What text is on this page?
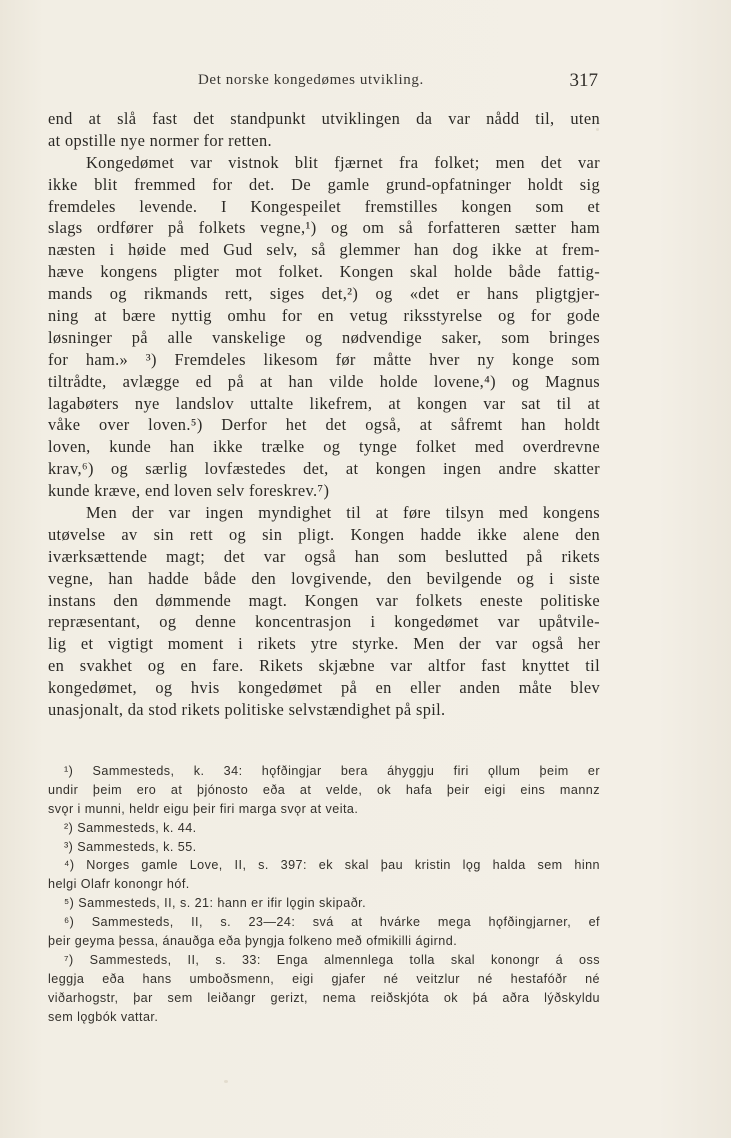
Det norske kongedømes utvikling.	317
end at slå fast det standpunkt utviklingen da var nådd til, uten
at opstille nye normer for retten.
Kongedømet var vistnok blit fjærnet fra folket; men det var
ikke blit fremmed for det. De gamle grund-opfatninger holdt sig
fremdeles levende. I Kongespeilet fremstilles kongen som et
slags ordfører på folkets vegne,¹) og om så forfatteren sætter ham
næsten i høide med Gud selv, så glemmer han dog ikke at frem-
hæve kongens pligter mot folket. Kongen skal holde både fattig-
mands og rikmands rett, siges det,²) og «det er hans pligtgjer-
ning at bære nyttig omhu for en vetug riksstyrelse og for gode
løsninger på alle vanskelige og nødvendige saker, som bringes
for ham.» ³) Fremdeles likesom før måtte hver ny konge som
tiltrådte, avlægge ed på at han vilde holde lovene,⁴) og Magnus
lagabøters nye landslov uttalte likefrem, at kongen var sat til at
våke over loven.⁵) Derfor het det også, at såfremt han holdt
loven, kunde han ikke trælke og tynge folket med overdrevne
krav,⁶) og særlig lovfæstedes det, at kongen ingen andre skatter
kunde kræve, end loven selv foreskrev.⁷)
Men der var ingen myndighet til at føre tilsyn med kongens
utøvelse av sin rett og sin pligt. Kongen hadde ikke alene den
iværksættende magt; det var også han som beslutted på rikets
vegne, han hadde både den lovgivende, den bevilgende og i siste
instans den dømmende magt. Kongen var folkets eneste politiske
repræsentant, og denne koncentrasjon i kongedømet var upåtvile-
lig et vigtigt moment i rikets ytre styrke. Men der var også her
en svakhet og en fare. Rikets skjæbne var altfor fast knyttet til
kongedømet, og hvis kongedømet på en eller anden måte blev
unasjonalt, da stod rikets politiske selvstændighet på spil.
¹) Sammesteds, k. 34: hǫfðingjar bera áhyggju firi ǫllum þeim er
undir þeim ero at þjónosto eða at velde, ok hafa þeir eigi eins mannz
svǫr i munni, heldr eigu þeir firi marga svǫr at veita.
²) Sammesteds, k. 44.
³) Sammesteds, k. 55.
⁴) Norges gamle Love, II, s. 397: ek skal þau kristin lǫg halda sem hinn
helgi Olafr konongr hóf.
⁵) Sammesteds, II, s. 21: hann er ifir lǫgin skipaðr.
⁶) Sammesteds, II, s. 23—24: svá at hvárke mega hǫfðingjarner, ef
þeir geyma þessa, ánauðga eða þyngja folkeno með ofmikilli ágirnd.
⁷) Sammesteds, II, s. 33: Enga almennlega tolla skal konongr á oss
leggja eða hans umboðsmenn, eigi gjafer né veitzlur né hestafóðr né
viðarhogstr, þar sem leiðangr gerizt, nema reiðskjóta ok þá aðra lýðskyldu
sem lǫgbók vattar.
